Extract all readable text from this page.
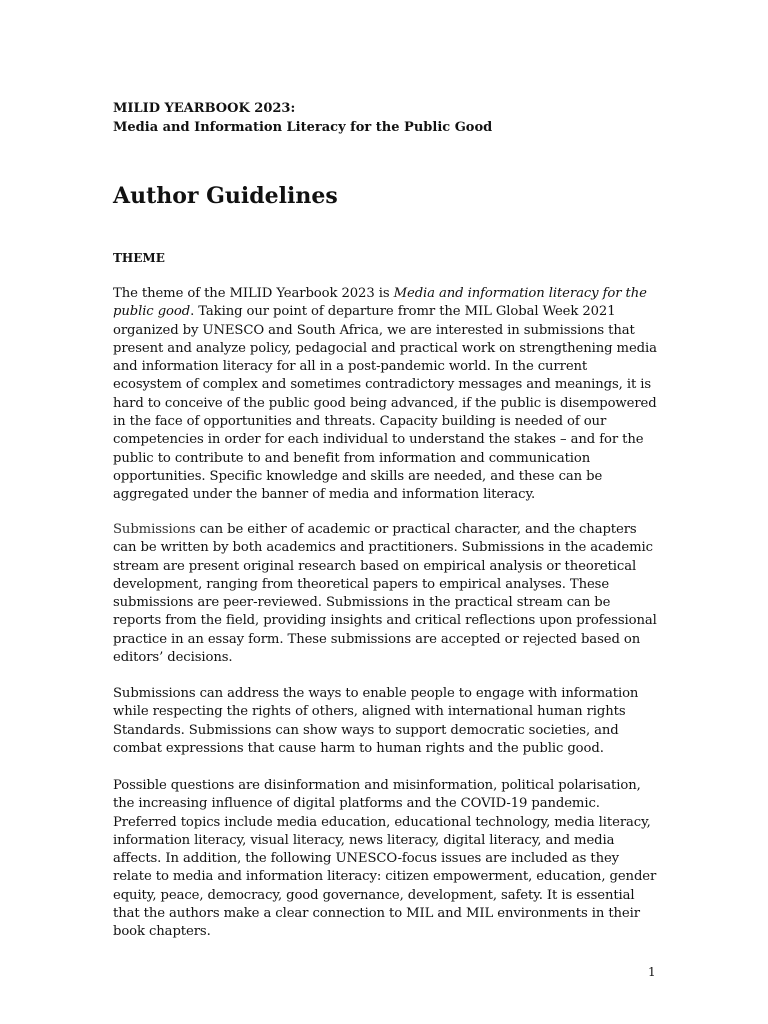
MILID YEARBOOK 2023:
Media and Information Literacy for the Public Good
Author Guidelines
THEME

The theme of the MILID Yearbook 2023 is Media and information literacy for the public good. Taking our point of departure fromr the MIL Global Week 2021 organized by UNESCO and South Africa, we are interested in submissions that present and analyze policy, pedagocial and practical work on strengthening media and information literacy for all in a post-pandemic world. In the current ecosystem of complex and sometimes contradictory messages and meanings, it is hard to conceive of the public good being advanced, if the public is disempowered in the face of opportunities and threats. Capacity building is needed of our competencies in order for each individual to understand the stakes – and for the public to contribute to and benefit from information and communication opportunities. Specific knowledge and skills are needed, and these can be aggregated under the banner of media and information literacy.

Submissions can be either of academic or practical character, and the chapters can be written by both academics and practitioners. Submissions in the academic stream are present original research based on empirical analysis or theoretical development, ranging from theoretical papers to empirical analyses. These submissions are peer-reviewed. Submissions in the practical stream can be reports from the field, providing insights and critical reflections upon professional practice in an essay form. These submissions are accepted or rejected based on editors’ decisions.

Submissions can address the ways to enable people to engage with information while respecting the rights of others, aligned with international human rights Standards. Submissions can show ways to support democratic societies, and combat expressions that cause harm to human rights and the public good.

Possible questions are disinformation and misinformation, political polarisation, the increasing influence of digital platforms and the COVID-19 pandemic. Preferred topics include media education, educational technology, media literacy, information literacy, visual literacy, news literacy, digital literacy, and media affects. In addition, the following UNESCO-focus issues are included as they relate to media and information literacy: citizen empowerment, education, gender equity, peace, democracy, good governance, development, safety. It is essential that the authors make a clear connection to MIL and MIL environments in their book chapters.

1
